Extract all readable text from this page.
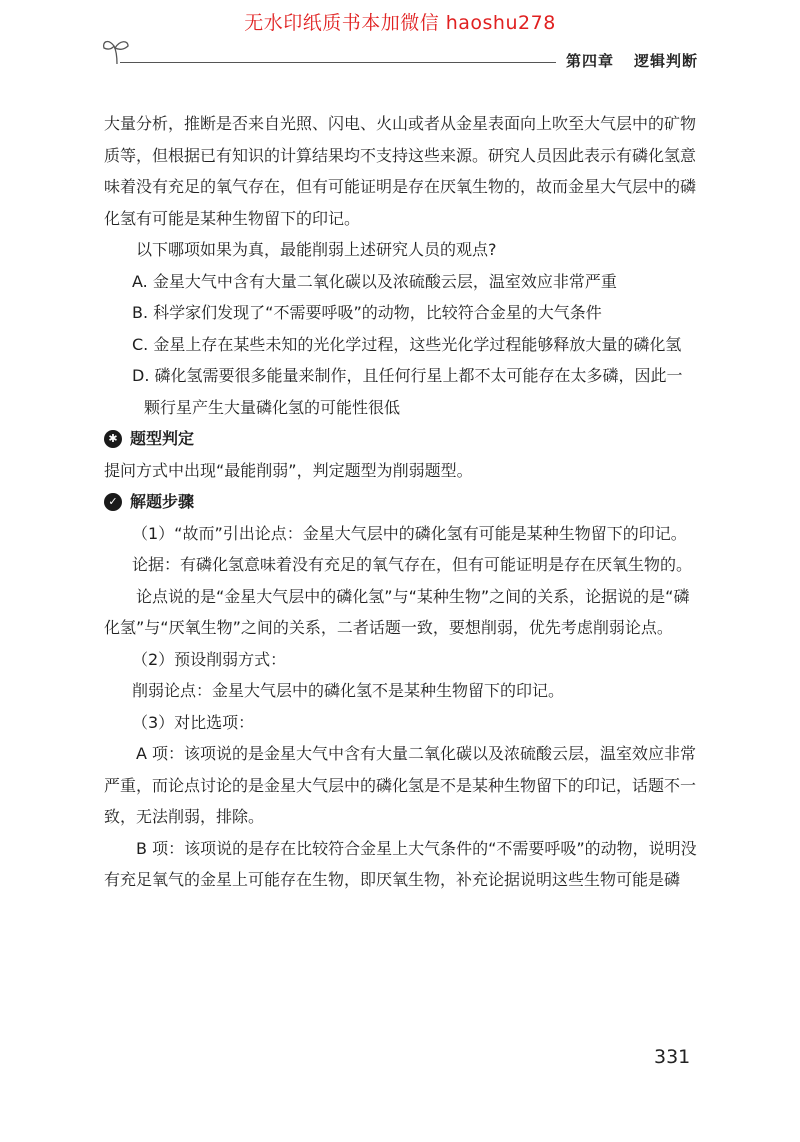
无水印纸质书本加微信 haoshu278
第四章 逻辑判断

大量分析，推断是否来自光照、闪电、火山或者从金星表面向上吹至大气层中的矿物质等，但根据已有知识的计算结果均不支持这些来源。研究人员因此表示有磷化氢意味着没有充足的氧气存在，但有可能证明是存在厌氧生物的，故而金星大气层中的磷化氢有可能是某种生物留下的印记。

以下哪项如果为真，最能削弱上述研究人员的观点?

A. 金星大气中含有大量二氧化碳以及浓硫酸云层，温室效应非常严重

B. 科学家们发现了“不需要呼吸”的动物，比较符合金星的大气条件

C. 金星上存在某些未知的光化学过程，这些光化学过程能够释放大量的磷化氢

D. 磷化氢需要很多能量来制作，且任何行星上都不太可能存在太多磷，因此一

颗行星产生大量磷化氢的可能性很低

✱ 题型判定

提问方式中出现“最能削弱”，判定题型为削弱题型。

✓ 解题步骤

（1）“故而”引出论点：金星大气层中的磷化氢有可能是某种生物留下的印记。

论据：有磷化氢意味着没有充足的氧气存在，但有可能证明是存在厌氧生物的。

论点说的是“金星大气层中的磷化氢”与“某种生物”之间的关系，论据说的是“磷化氢”与“厌氧生物”之间的关系，二者话题一致，要想削弱，优先考虑削弱论点。

（2）预设削弱方式：

削弱论点：金星大气层中的磷化氢不是某种生物留下的印记。

（3）对比选项：

A 项：该项说的是金星大气中含有大量二氧化碳以及浓硫酸云层，温室效应非常严重，而论点讨论的是金星大气层中的磷化氢是不是某种生物留下的印记，话题不一致，无法削弱，排除。

B 项：该项说的是存在比较符合金星上大气条件的“不需要呼吸”的动物，说明没有充足氧气的金星上可能存在生物，即厌氧生物，补充论据说明这些生物可能是磷

331
